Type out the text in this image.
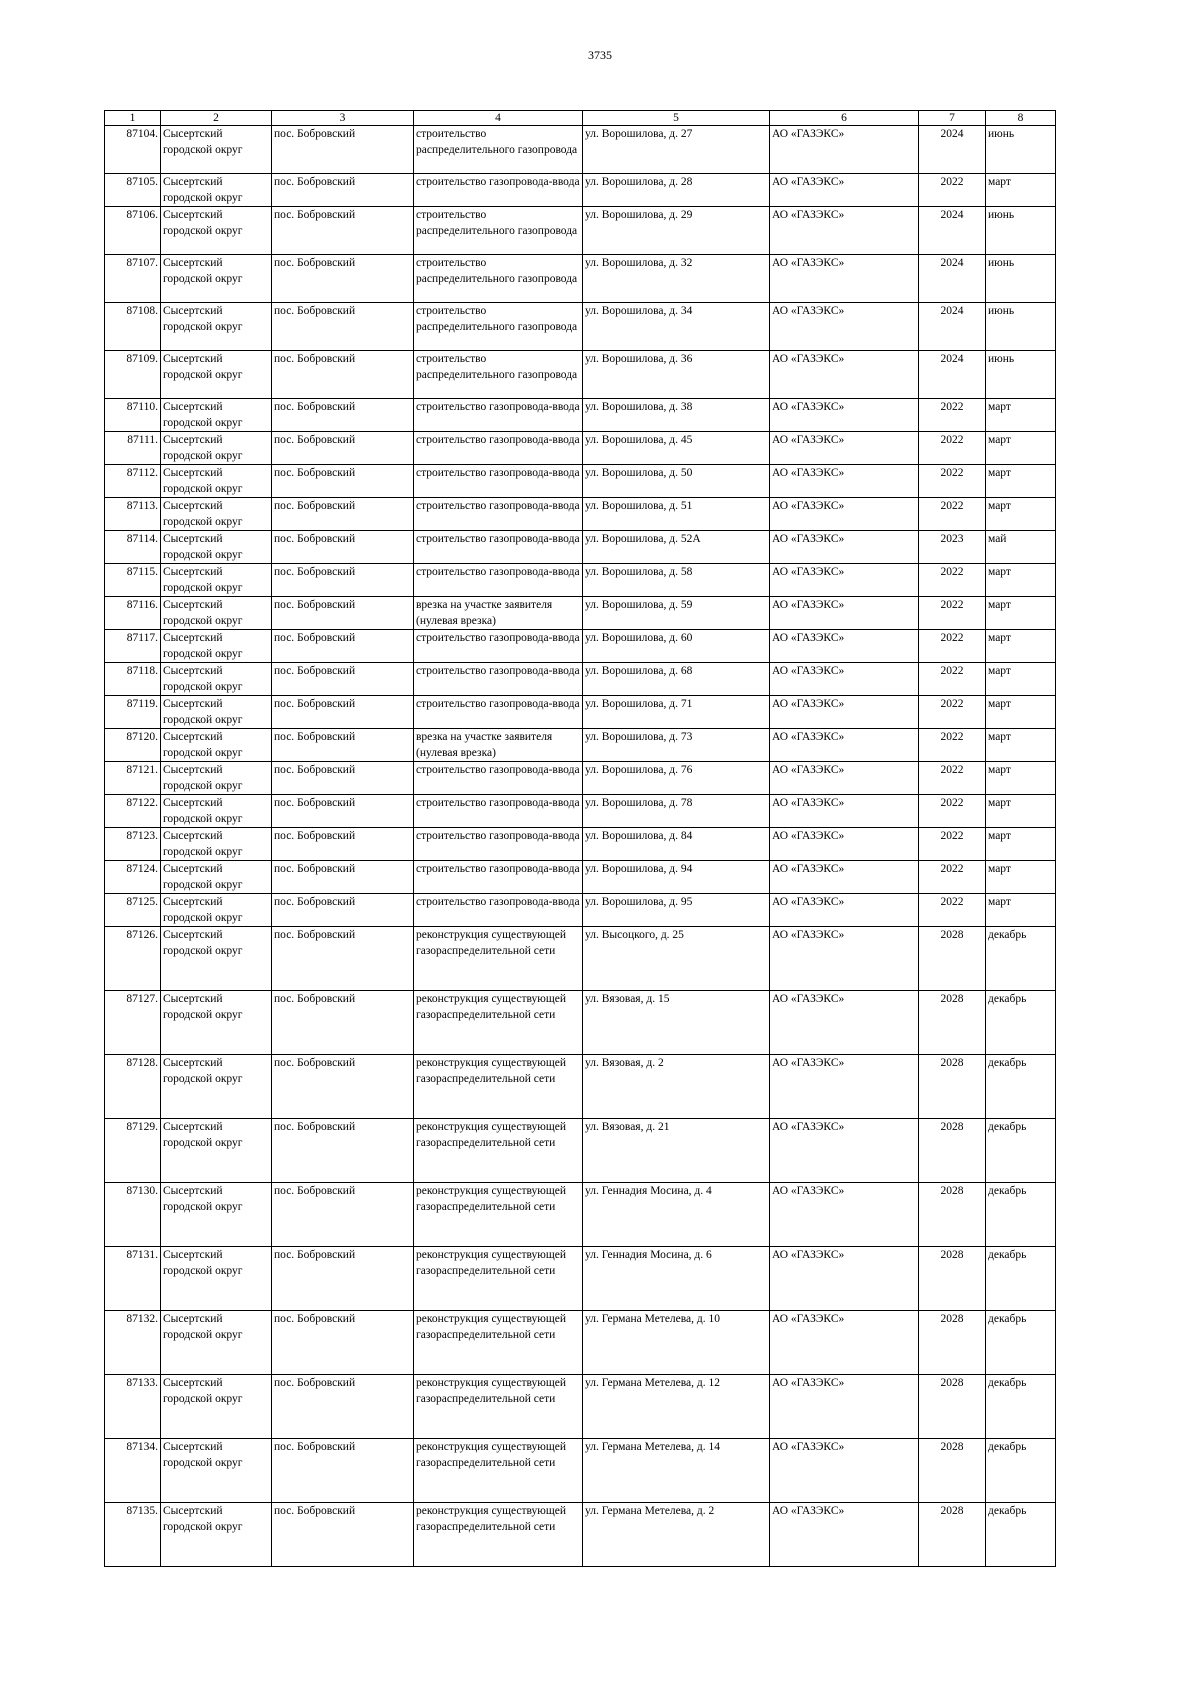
3735
1	2	3	4	5	6	7	8
87104.	Сысертский городской округ	пос. Бобровский	строительство распределительного газопровода	ул. Ворошилова, д. 27	АО «ГАЗЭКС»	2024	июнь
87105.	Сысертский городской округ	пос. Бобровский	строительство газопровода-ввода	ул. Ворошилова, д. 28	АО «ГАЗЭКС»	2022	март
87106.	Сысертский городской округ	пос. Бобровский	строительство распределительного газопровода	ул. Ворошилова, д. 29	АО «ГАЗЭКС»	2024	июнь
87107.	Сысертский городской округ	пос. Бобровский	строительство распределительного газопровода	ул. Ворошилова, д. 32	АО «ГАЗЭКС»	2024	июнь
87108.	Сысертский городской округ	пос. Бобровский	строительство распределительного газопровода	ул. Ворошилова, д. 34	АО «ГАЗЭКС»	2024	июнь
87109.	Сысертский городской округ	пос. Бобровский	строительство распределительного газопровода	ул. Ворошилова, д. 36	АО «ГАЗЭКС»	2024	июнь
87110.	Сысертский городской округ	пос. Бобровский	строительство газопровода-ввода	ул. Ворошилова, д. 38	АО «ГАЗЭКС»	2022	март
87111.	Сысертский городской округ	пос. Бобровский	строительство газопровода-ввода	ул. Ворошилова, д. 45	АО «ГАЗЭКС»	2022	март
87112.	Сысертский городской округ	пос. Бобровский	строительство газопровода-ввода	ул. Ворошилова, д. 50	АО «ГАЗЭКС»	2022	март
87113.	Сысертский городской округ	пос. Бобровский	строительство газопровода-ввода	ул. Ворошилова, д. 51	АО «ГАЗЭКС»	2022	март
87114.	Сысертский городской округ	пос. Бобровский	строительство газопровода-ввода	ул. Ворошилова, д. 52А	АО «ГАЗЭКС»	2023	май
87115.	Сысертский городской округ	пос. Бобровский	строительство газопровода-ввода	ул. Ворошилова, д. 58	АО «ГАЗЭКС»	2022	март
87116.	Сысертский городской округ	пос. Бобровский	врезка на участке заявителя (нулевая врезка)	ул. Ворошилова, д. 59	АО «ГАЗЭКС»	2022	март
87117.	Сысертский городской округ	пос. Бобровский	строительство газопровода-ввода	ул. Ворошилова, д. 60	АО «ГАЗЭКС»	2022	март
87118.	Сысертский городской округ	пос. Бобровский	строительство газопровода-ввода	ул. Ворошилова, д. 68	АО «ГАЗЭКС»	2022	март
87119.	Сысертский городской округ	пос. Бобровский	строительство газопровода-ввода	ул. Ворошилова, д. 71	АО «ГАЗЭКС»	2022	март
87120.	Сысертский городской округ	пос. Бобровский	врезка на участке заявителя (нулевая врезка)	ул. Ворошилова, д. 73	АО «ГАЗЭКС»	2022	март
87121.	Сысертский городской округ	пос. Бобровский	строительство газопровода-ввода	ул. Ворошилова, д. 76	АО «ГАЗЭКС»	2022	март
87122.	Сысертский городской округ	пос. Бобровский	строительство газопровода-ввода	ул. Ворошилова, д. 78	АО «ГАЗЭКС»	2022	март
87123.	Сысертский городской округ	пос. Бобровский	строительство газопровода-ввода	ул. Ворошилова, д. 84	АО «ГАЗЭКС»	2022	март
87124.	Сысертский городской округ	пос. Бобровский	строительство газопровода-ввода	ул. Ворошилова, д. 94	АО «ГАЗЭКС»	2022	март
87125.	Сысертский городской округ	пос. Бобровский	строительство газопровода-ввода	ул. Ворошилова, д. 95	АО «ГАЗЭКС»	2022	март
87126.	Сысертский городской округ	пос. Бобровский	реконструкция существующей газораспределительной сети	ул. Высоцкого, д. 25	АО «ГАЗЭКС»	2028	декабрь
87127.	Сысертский городской округ	пос. Бобровский	реконструкция существующей газораспределительной сети	ул. Вязовая, д. 15	АО «ГАЗЭКС»	2028	декабрь
87128.	Сысертский городской округ	пос. Бобровский	реконструкция существующей газораспределительной сети	ул. Вязовая, д. 2	АО «ГАЗЭКС»	2028	декабрь
87129.	Сысертский городской округ	пос. Бобровский	реконструкция существующей газораспределительной сети	ул. Вязовая, д. 21	АО «ГАЗЭКС»	2028	декабрь
87130.	Сысертский городской округ	пос. Бобровский	реконструкция существующей газораспределительной сети	ул. Геннадия Мосина, д. 4	АО «ГАЗЭКС»	2028	декабрь
87131.	Сысертский городской округ	пос. Бобровский	реконструкция существующей газораспределительной сети	ул. Геннадия Мосина, д. 6	АО «ГАЗЭКС»	2028	декабрь
87132.	Сысертский городской округ	пос. Бобровский	реконструкция существующей газораспределительной сети	ул. Германа Метелева, д. 10	АО «ГАЗЭКС»	2028	декабрь
87133.	Сысертский городской округ	пос. Бобровский	реконструкция существующей газораспределительной сети	ул. Германа Метелева, д. 12	АО «ГАЗЭКС»	2028	декабрь
87134.	Сысертский городской округ	пос. Бобровский	реконструкция существующей газораспределительной сети	ул. Германа Метелева, д. 14	АО «ГАЗЭКС»	2028	декабрь
87135.	Сысертский городской округ	пос. Бобровский	реконструкция существующей газораспределительной сети	ул. Германа Метелева, д. 2	АО «ГАЗЭКС»	2028	декабрь
